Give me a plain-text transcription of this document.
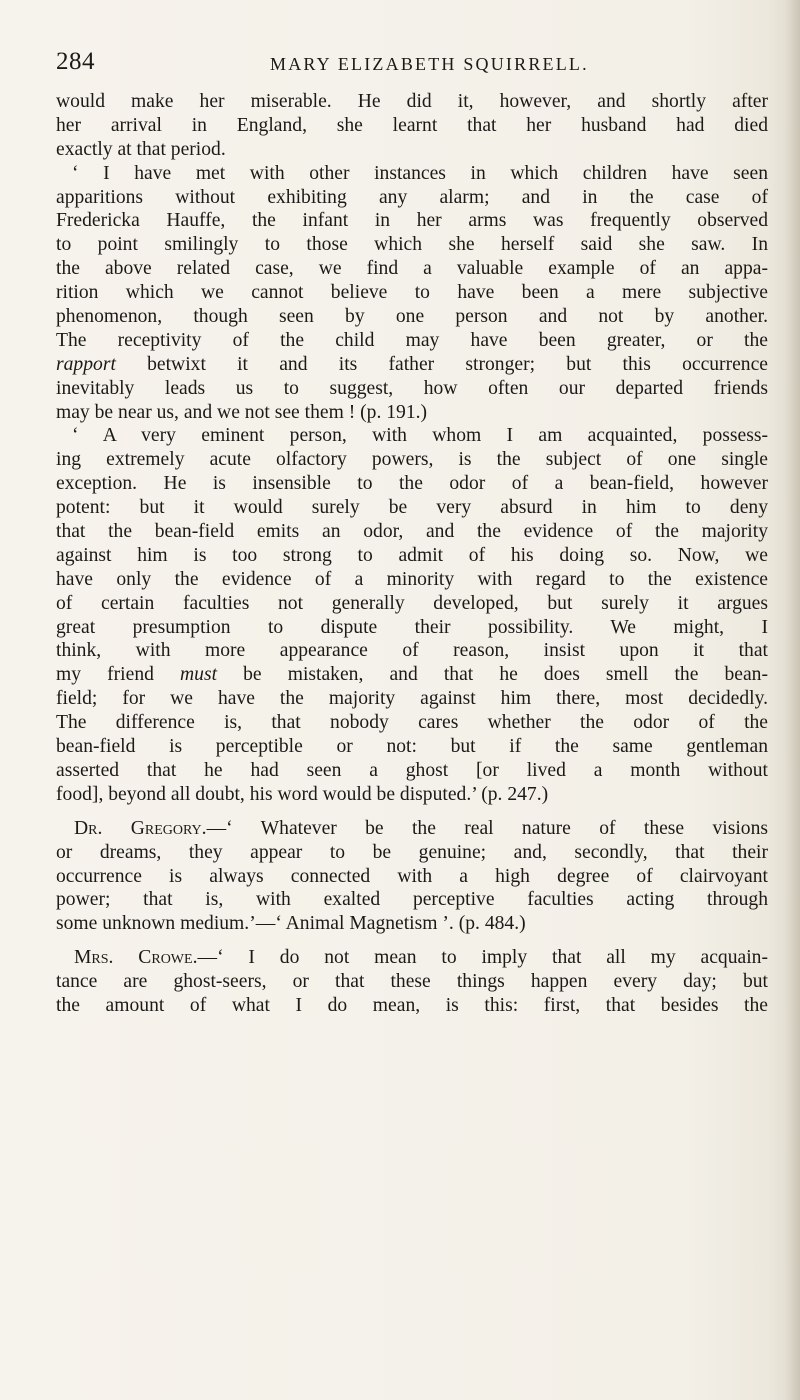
284	MARY ELIZABETH SQUIRRELL.
would make her miserable. He did it, however, and shortly after
her arrival in England, she learnt that her husband had died
exactly at that period.
‘ I have met with other instances in which children have seen
apparitions without exhibiting any alarm; and in the case of
Fredericka Hauffe, the infant in her arms was frequently observed
to point smilingly to those which she herself said she saw. In
the above related case, we find a valuable example of an appa-
rition which we cannot believe to have been a mere subjective
phenomenon, though seen by one person and not by another.
The receptivity of the child may have been greater, or the
rapport betwixt it and its father stronger; but this occurrence
inevitably leads us to suggest, how often our departed friends
may be near us, and we not see them ! (p. 191.)
‘ A very eminent person, with whom I am acquainted, possess-
ing extremely acute olfactory powers, is the subject of one single
exception. He is insensible to the odor of a bean-field, however
potent: but it would surely be very absurd in him to deny
that the bean-field emits an odor, and the evidence of the majority
against him is too strong to admit of his doing so. Now, we
have only the evidence of a minority with regard to the existence
of certain faculties not generally developed, but surely it argues
great presumption to dispute their possibility. We might, I
think, with more appearance of reason, insist upon it that
my friend must be mistaken, and that he does smell the bean-
field; for we have the majority against him there, most decidedly.
The difference is, that nobody cares whether the odor of the
bean-field is perceptible or not: but if the same gentleman
asserted that he had seen a ghost [or lived a month without
food], beyond all doubt, his word would be disputed.’ (p. 247.)
Dr. Gregory.—‘ Whatever be the real nature of these visions
or dreams, they appear to be genuine; and, secondly, that their
occurrence is always connected with a high degree of clairvoyant
power; that is, with exalted perceptive faculties acting through
some unknown medium.’—‘ Animal Magnetism ’. (p. 484.)
Mrs. Crowe.—‘ I do not mean to imply that all my acquain-
tance are ghost-seers, or that these things happen every day; but
the amount of what I do mean, is this: first, that besides the
